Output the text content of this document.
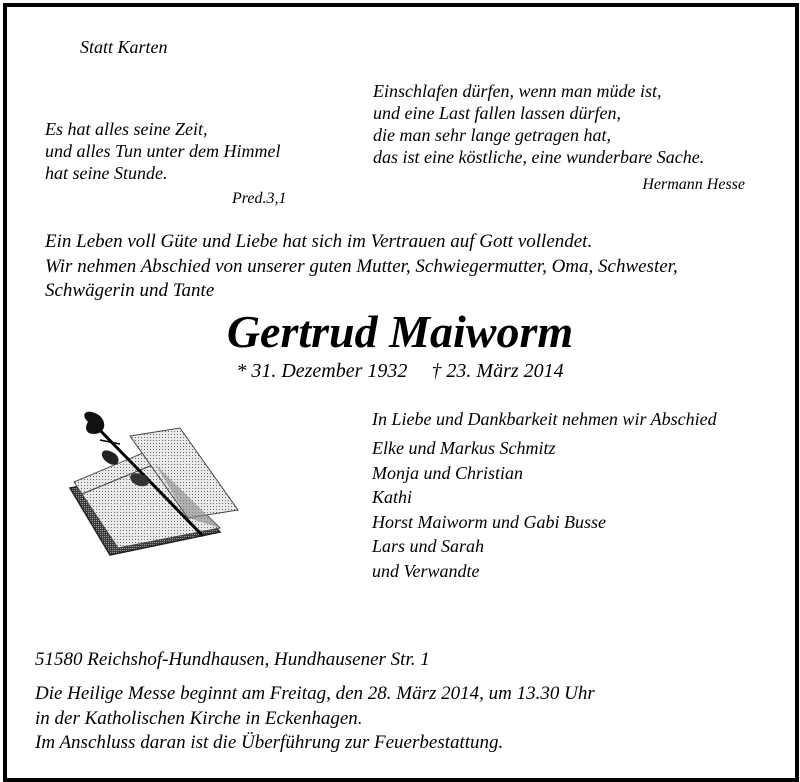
Statt Karten
Es hat alles seine Zeit,
und alles Tun unter dem Himmel
hat seine Stunde.
Pred.3,1
Einschlafen dürfen, wenn man müde ist,
und eine Last fallen lassen dürfen,
die man sehr lange getragen hat,
das ist eine köstliche, eine wunderbare Sache.
Hermann Hesse
Ein Leben voll Güte und Liebe hat sich im Vertrauen auf Gott vollendet.
Wir nehmen Abschied von unserer guten Mutter, Schwiegermutter, Oma, Schwester,
Schwägerin und Tante
Gertrud Maiworm
* 31. Dezember 1932 † 23. März 2014
In Liebe und Dankbarkeit nehmen wir Abschied
Elke und Markus Schmitz
Monja und Christian
Kathi
Horst Maiworm und Gabi Busse
Lars und Sarah
und Verwandte
51580 Reichshof-Hundhausen, Hundhausener Str. 1
Die Heilige Messe beginnt am Freitag, den 28. März 2014, um 13.30 Uhr
in der Katholischen Kirche in Eckenhagen.
Im Anschluss daran ist die Überführung zur Feuerbestattung.
